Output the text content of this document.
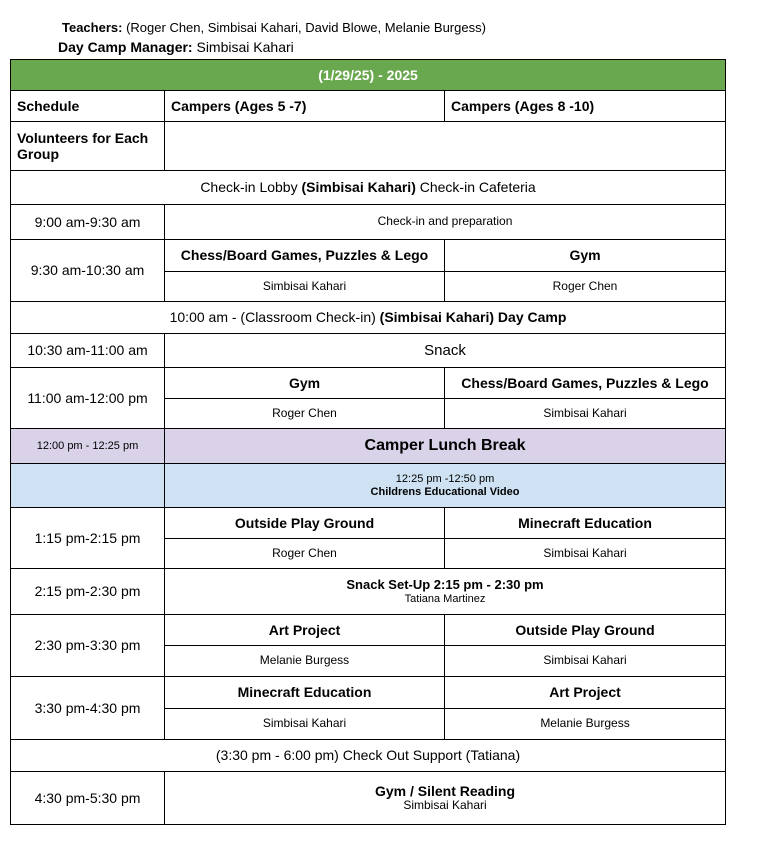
Teachers: (Roger Chen, Simbisai Kahari, David Blowe, Melanie Burgess)
Day Camp Manager: Simbisai Kahari
(1/29/25) - 2025		
Schedule	Campers (Ages 5 -7)	Campers (Ages 8 -10)
Volunteers for Each Group		
Check-in Lobby (Simbisai Kahari) Check-in Cafeteria		
9:00 am-9:30 am	Check-in and preparation	
9:30 am-10:30 am	Chess/Board Games, Puzzles & Lego	Gym
	Simbisai Kahari	Roger Chen
10:00 am - (Classroom Check-in) (Simbisai Kahari) Day Camp		
10:30 am-11:00 am	Snack	
11:00 am-12:00 pm	Gym	Chess/Board Games, Puzzles & Lego
	Roger Chen	Simbisai Kahari
12:00 pm - 12:25 pm	Camper Lunch Break	

	12:25 pm -12:50 pm
Childrens Educational Video	

1:15 pm-2:15 pm	Outside Play Ground	Minecraft Education
	Roger Chen	Simbisai Kahari
2:15 pm-2:30 pm	Snack Set-Up 2:15 pm - 2:30 pm
Tatiana Martinez	

2:30 pm-3:30 pm	Art Project	Outside Play Ground
	Melanie Burgess	Simbisai Kahari
3:30 pm-4:30 pm	Minecraft Education	Art Project
	Simbisai Kahari	Melanie Burgess
(3:30 pm - 6:00 pm) Check Out Support (Tatiana)		
4:30 pm-5:30 pm	Gym / Silent Reading
Simbisai Kahari	
